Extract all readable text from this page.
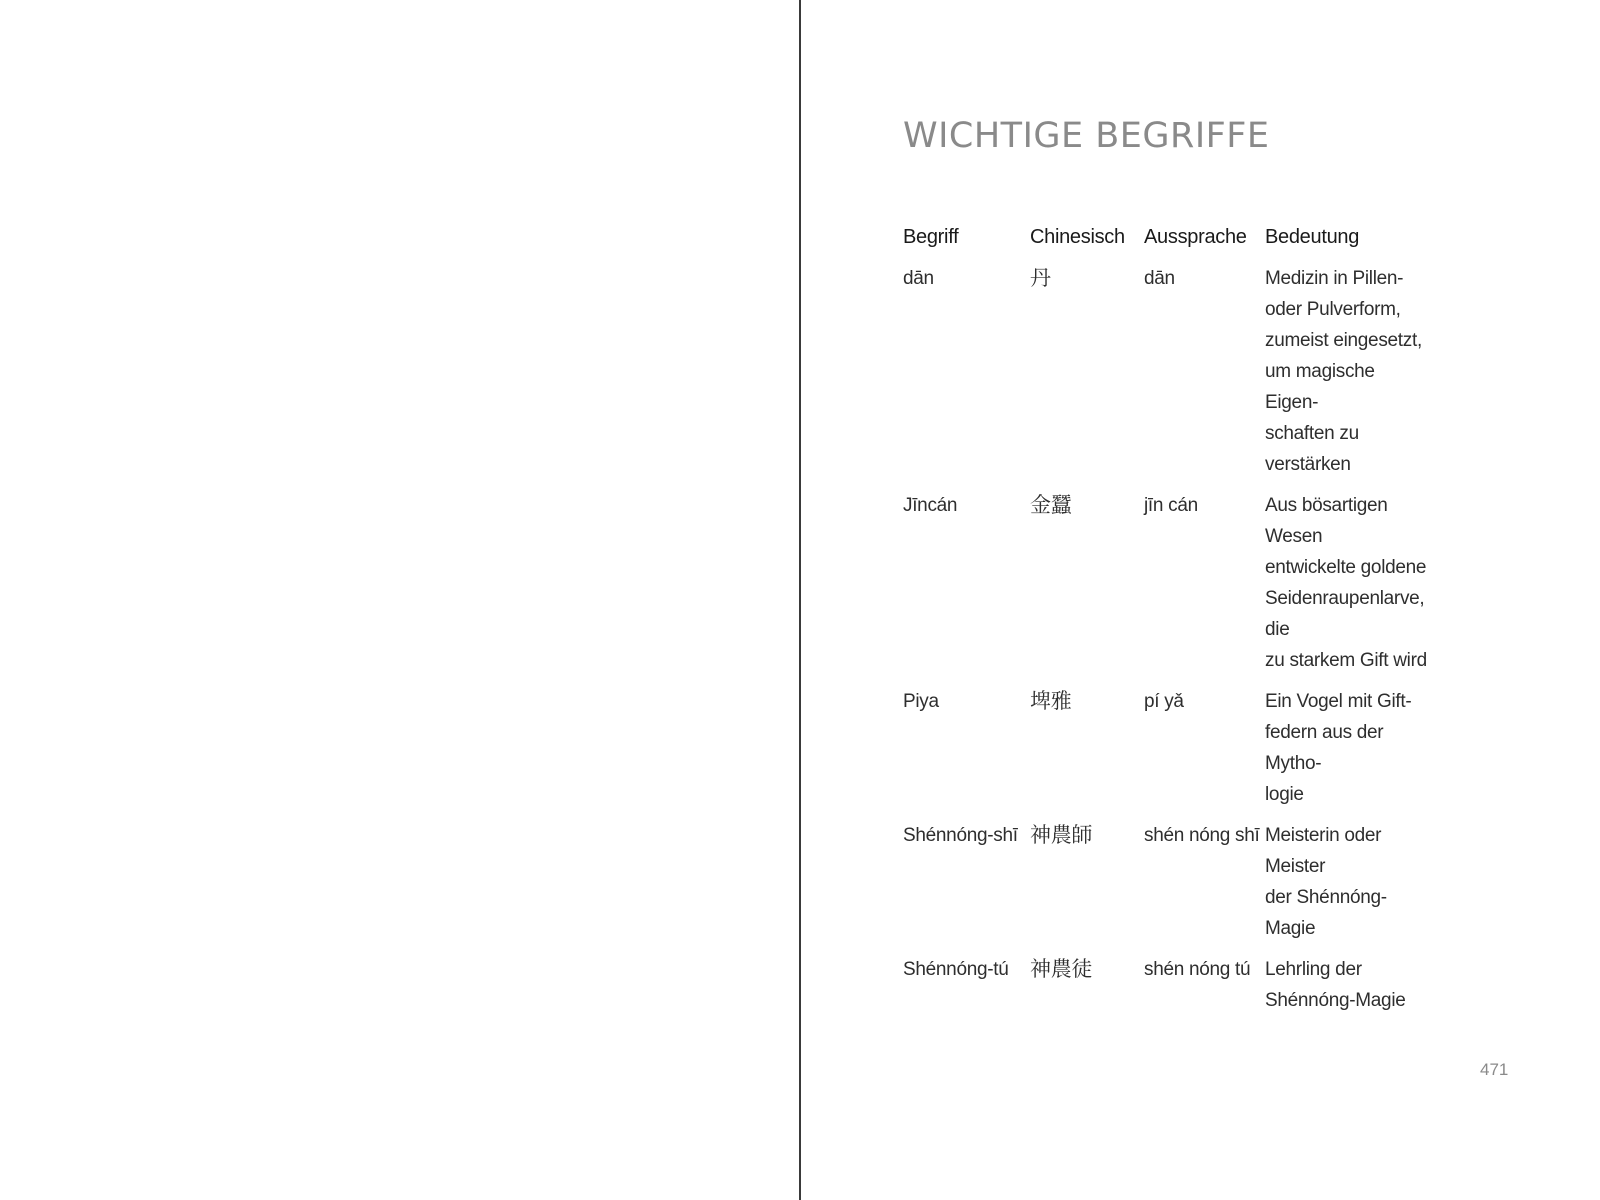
WICHTIGE BEGRIFFE
Begriff	Chinesisch	Aussprache	Bedeutung
dān	丹	dān	Medizin in Pillen-
oder Pulverform,
zumeist eingesetzt,
um magische Eigen-
schaften zu verstärken

Jīncán	金蠶	jīn cán	Aus bösartigen Wesen
entwickelte goldene
Seidenraupenlarve, die
zu starkem Gift wird

Piya	埤雅	pí yǎ	Ein Vogel mit Gift-
federn aus der Mytho-
logie

Shénnóng-shī	神農師	shén nóng shī	Meisterin oder Meister
der Shénnóng-Magie

Shénnóng-tú	神農徒	shén nóng tú	Lehrling der
Shénnóng-Magie
471
